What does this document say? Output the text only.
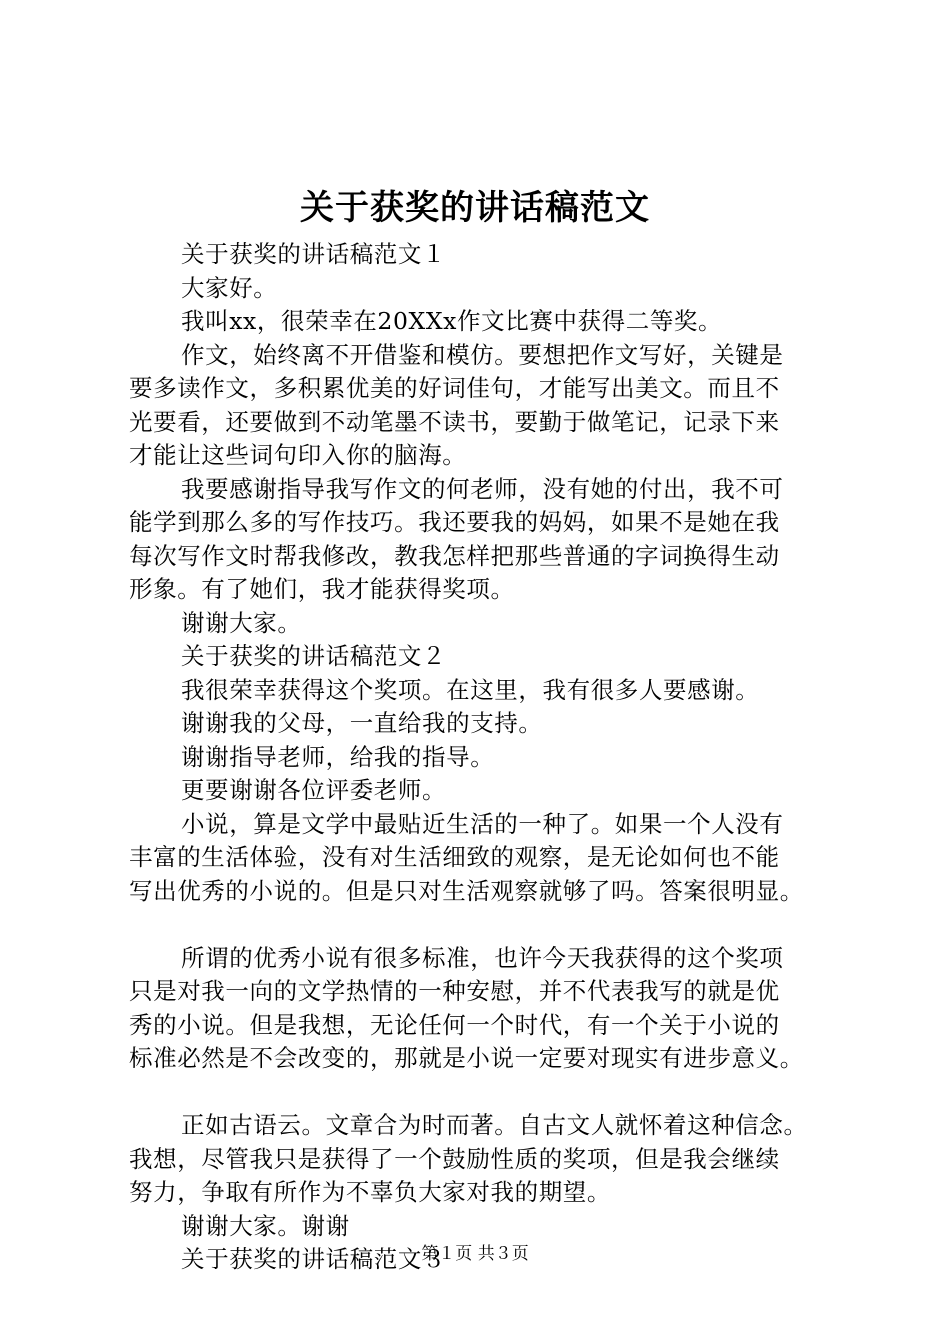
关于获奖的讲话稿范文
关于获奖的讲话稿范文１
大家好。
我叫xx，很荣幸在20XXx作文比赛中获得二等奖。
作文，始终离不开借鉴和模仿。要想把作文写好，关键是
要多读作文，多积累优美的好词佳句，才能写出美文。而且不
光要看，还要做到不动笔墨不读书，要勤于做笔记，记录下来
才能让这些词句印入你的脑海。
我要感谢指导我写作文的何老师，没有她的付出，我不可
能学到那么多的写作技巧。我还要我的妈妈，如果不是她在我
每次写作文时帮我修改，教我怎样把那些普通的字词换得生动
形象。有了她们，我才能获得奖项。
谢谢大家。
关于获奖的讲话稿范文２
我很荣幸获得这个奖项。在这里，我有很多人要感谢。
谢谢我的父母，一直给我的支持。
谢谢指导老师，给我的指导。
更要谢谢各位评委老师。
小说，算是文学中最贴近生活的一种了。如果一个人没有
丰富的生活体验，没有对生活细致的观察，是无论如何也不能
写出优秀的小说的。但是只对生活观察就够了吗。答案很明显。
所谓的优秀小说有很多标准，也许今天我获得的这个奖项
只是对我一向的文学热情的一种安慰，并不代表我写的就是优
秀的小说。但是我想，无论任何一个时代，有一个关于小说的
标准必然是不会改变的，那就是小说一定要对现实有进步意义。
正如古语云。文章合为时而著。自古文人就怀着这种信念。
我想，尽管我只是获得了一个鼓励性质的奖项，但是我会继续
努力，争取有所作为不辜负大家对我的期望。
谢谢大家。谢谢
关于获奖的讲话稿范文３
第１页 共３页
